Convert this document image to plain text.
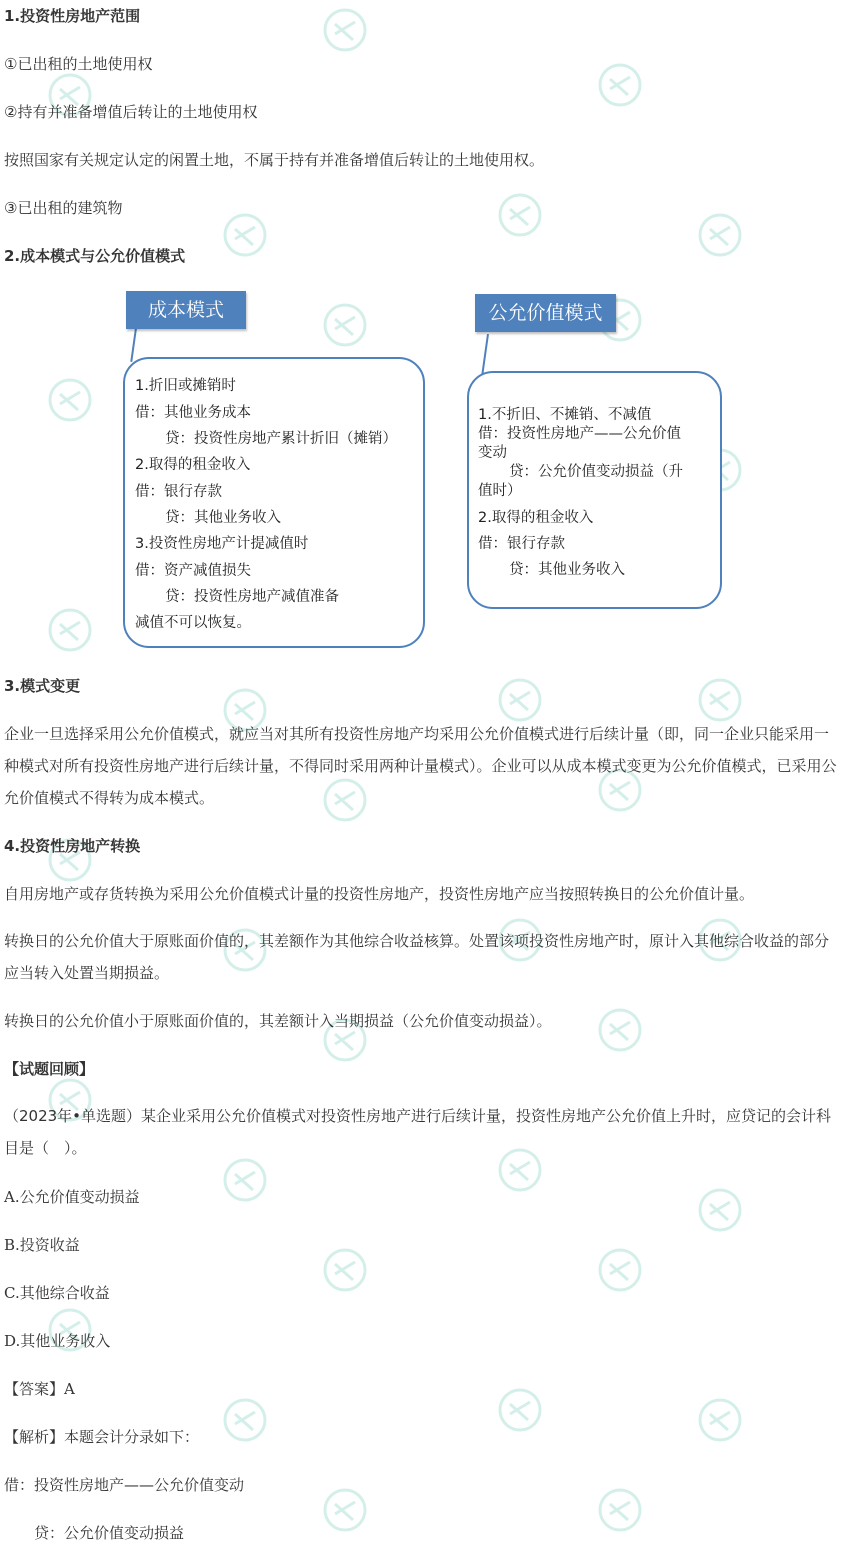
1.投资性房地产范围
①已出租的土地使用权
②持有并准备增值后转让的土地使用权
按照国家有关规定认定的闲置土地，不属于持有并准备增值后转让的土地使用权。
③已出租的建筑物
2.成本模式与公允价值模式
1.折旧或摊销时
借：其他业务成本
贷：投资性房地产累计折旧（摊销）
2.取得的租金收入
借：银行存款
贷：其他业务收入
3.投资性房地产计提减值时
借：资产减值损失
贷：投资性房地产减值准备
减值不可以恢复。
成本模式
1.不折旧、不摊销、不减值
借：投资性房地产——公允价值
变动
贷：公允价值变动损益（升
值时）
2.取得的租金收入
借：银行存款
贷：其他业务收入
公允价值模式
3.模式变更
企业一旦选择采用公允价值模式，就应当对其所有投资性房地产均采用公允价值模式进行后续计量（即，同一企业只能采用一种模式对所有投资性房地产进行后续计量，不得同时采用两种计量模式）。企业可以从成本模式变更为公允价值模式，已采用公允价值模式不得转为成本模式。
4.投资性房地产转换
自用房地产或存货转换为采用公允价值模式计量的投资性房地产，投资性房地产应当按照转换日的公允价值计量。
转换日的公允价值大于原账面价值的，其差额作为其他综合收益核算。处置该项投资性房地产时，原计入其他综合收益的部分应当转入处置当期损益。
转换日的公允价值小于原账面价值的，其差额计入当期损益（公允价值变动损益）。
【试题回顾】
（2023年•单选题）某企业采用公允价值模式对投资性房地产进行后续计量，投资性房地产公允价值上升时，应贷记的会计科目是（　）。
A.公允价值变动损益
B.投资收益
C.其他综合收益
D.其他业务收入
【答案】A
【解析】本题会计分录如下：
借：投资性房地产——公允价值变动
贷：公允价值变动损益
